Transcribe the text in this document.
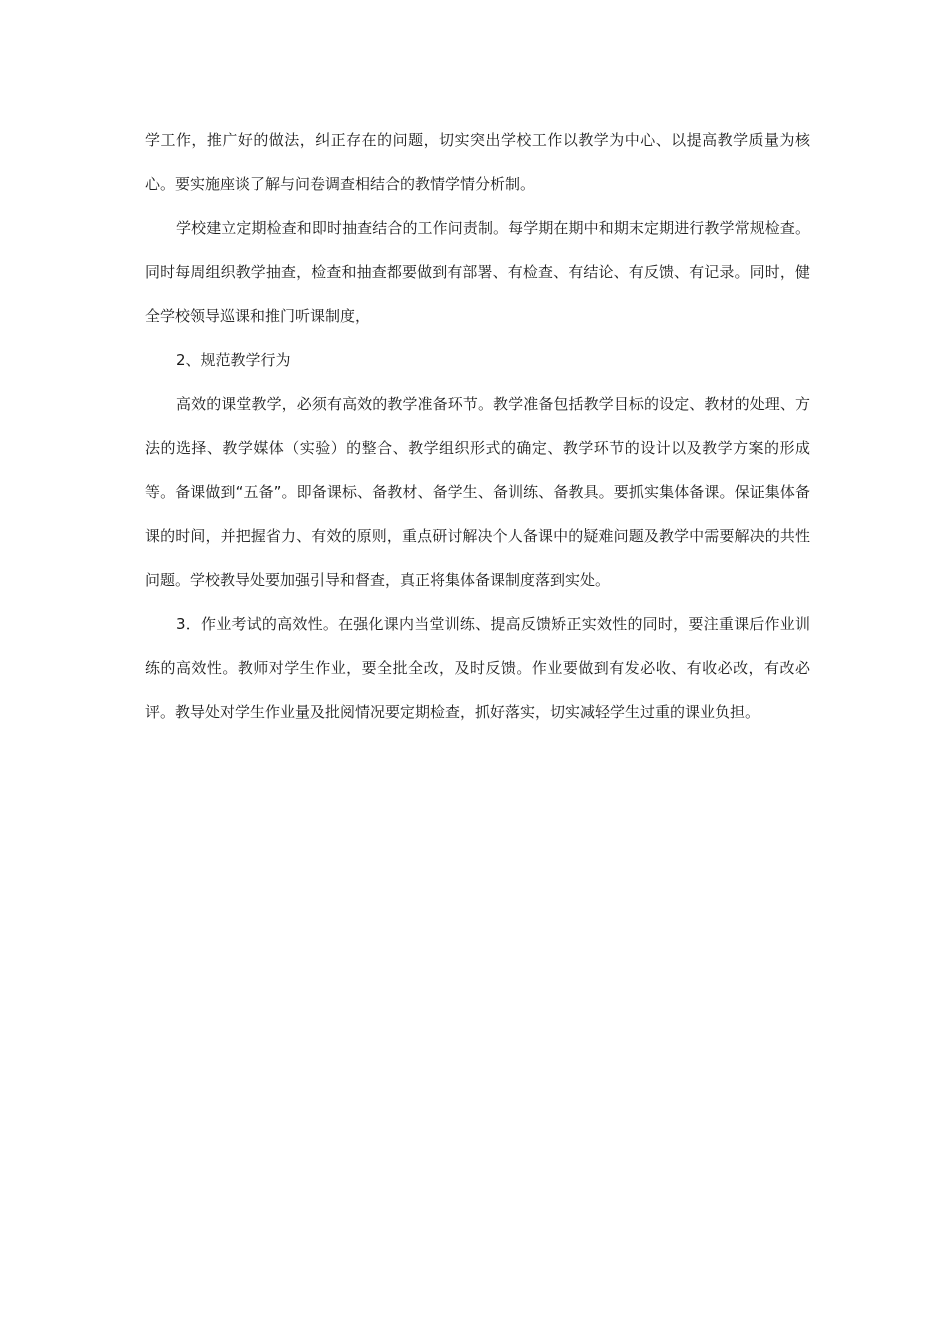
学工作，推广好的做法，纠正存在的问题，切实突出学校工作以教学为中心、以提高教学质量为核心。要实施座谈了解与问卷调查相结合的教情学情分析制。

学校建立定期检查和即时抽查结合的工作问责制。每学期在期中和期末定期进行教学常规检查。同时每周组织教学抽查，检查和抽查都要做到有部署、有检查、有结论、有反馈、有记录。同时，健全学校领导巡课和推门听课制度，

2、规范教学行为

高效的课堂教学，必须有高效的教学准备环节。教学准备包括教学目标的设定、教材的处理、方法的选择、教学媒体（实验）的整合、教学组织形式的确定、教学环节的设计以及教学方案的形成等。备课做到“五备”。即备课标、备教材、备学生、备训练、备教具。要抓实集体备课。保证集体备课的时间，并把握省力、有效的原则，重点研讨解决个人备课中的疑难问题及教学中需要解决的共性问题。学校教导处要加强引导和督查，真正将集体备课制度落到实处。

3．作业考试的高效性。在强化课内当堂训练、提高反馈矫正实效性的同时，要注重课后作业训练的高效性。教师对学生作业，要全批全改，及时反馈。作业要做到有发必收、有收必改，有改必评。教导处对学生作业量及批阅情况要定期检查，抓好落实，切实减轻学生过重的课业负担。
